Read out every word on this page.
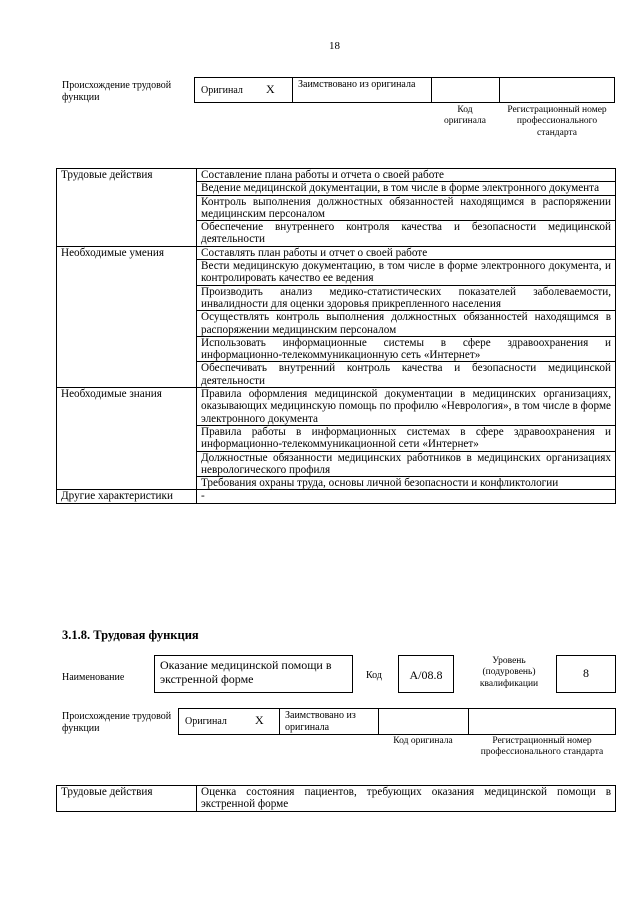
18
Происхождение трудовой функции
Оригинал X Заимствовано из оригинала
Код оригинала
Регистрационный номер профессионального стандарта
Трудовые действия	Составление плана работы и отчета о своей работе
	Ведение медицинской документации, в том числе в форме электронного документа
	Контроль выполнения должностных обязанностей находящимся в распоряжении медицинским персоналом
	Обеспечение внутреннего контроля качества и безопасности медицинской деятельности
Необходимые умения	Составлять план работы и отчет о своей работе
	Вести медицинскую документацию, в том числе в форме электронного документа, и контролировать качество ее ведения
	Производить анализ медико-статистических показателей заболеваемости, инвалидности для оценки здоровья прикрепленного населения
	Осуществлять контроль выполнения должностных обязанностей находящимся в распоряжении медицинским персоналом
	Использовать информационные системы в сфере здравоохранения и информационно-телекоммуникационную сеть «Интернет»
	Обеспечивать внутренний контроль качества и безопасности медицинской деятельности
Необходимые знания	Правила оформления медицинской документации в медицинских организациях, оказывающих медицинскую помощь по профилю «Неврология», в том числе в форме электронного документа
	Правила работы в информационных системах в сфере здравоохранения и информационно-телекоммуникационной сети «Интернет»
	Должностные обязанности медицинских работников в медицинских организациях неврологического профиля
	Требования охраны труда, основы личной безопасности и конфликтологии
Другие характеристики	-
3.1.8. Трудовая функция
Наименование
Оказание медицинской помощи в экстренной форме	Код	A/08.8
Уровень (подуровень) квалификации
8
Происхождение трудовой функции
Оригинал X Заимствовано из оригинала
Код оригинала	Регистрационный номер профессионального стандарта
Трудовые действия	Оценка состояния пациентов, требующих оказания медицинской помощи в экстренной форме
